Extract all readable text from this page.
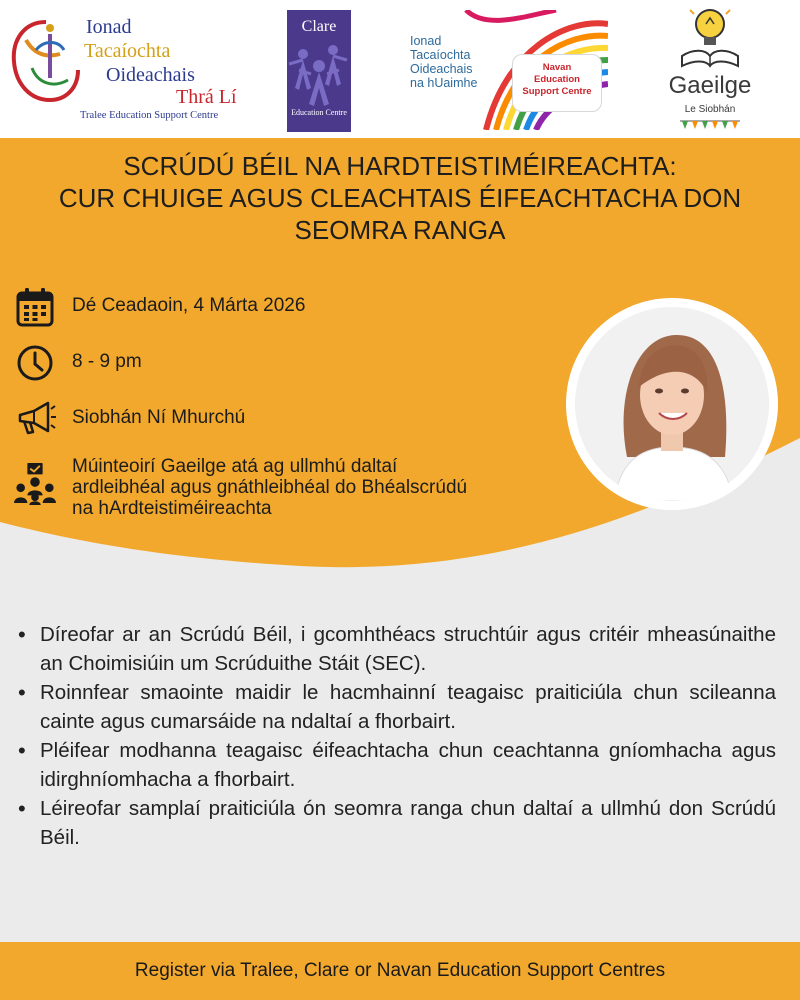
Ionad
Tacaíochta
Oideachais
Thrá Lí
Tralee Education Support Centre
Clare
Education Centre
Ionad
Tacaíochta
Oideachais
na hUaimhe
Navan
Education
Support Centre	Gaeilge
Le Siobhán
SCRÚDÚ BÉIL NA HARDTEISTIMÉIREACHTA:
CUR CHUIGE AGUS CLEACHTAIS ÉIFEACHTACHA DON
SEOMRA RANGA
Dé Ceadaoin, 4 Márta 2026
8 - 9 pm
Siobhán Ní Mhurchú
Múinteoirí Gaeilge atá ag ullmhú daltaí
ardleibhéal agus gnáthleibhéal do Bhéalscrúdú
na hArdteistiméireachta
• Díreofar ar an Scrúdú Béil, i gcomhthéacs struchtúir agus critéir mheasúnaithe an Choimisiúin um Scrúduithe Stáit (SEC).
• Roinnfear smaointe maidir le hacmhainní teagaisc praiticiúla chun scileanna cainte agus cumarsáide na ndaltaí a fhorbairt.
• Pléifear modhanna teagaisc éifeachtacha chun ceachtanna gníomhacha agus idirghníomhacha a fhorbairt.
• Léireofar samplaí praiticiúla ón seomra ranga chun daltaí a ullmhú don Scrúdú Béil.
Register via Tralee, Clare or Navan Education Support Centres
